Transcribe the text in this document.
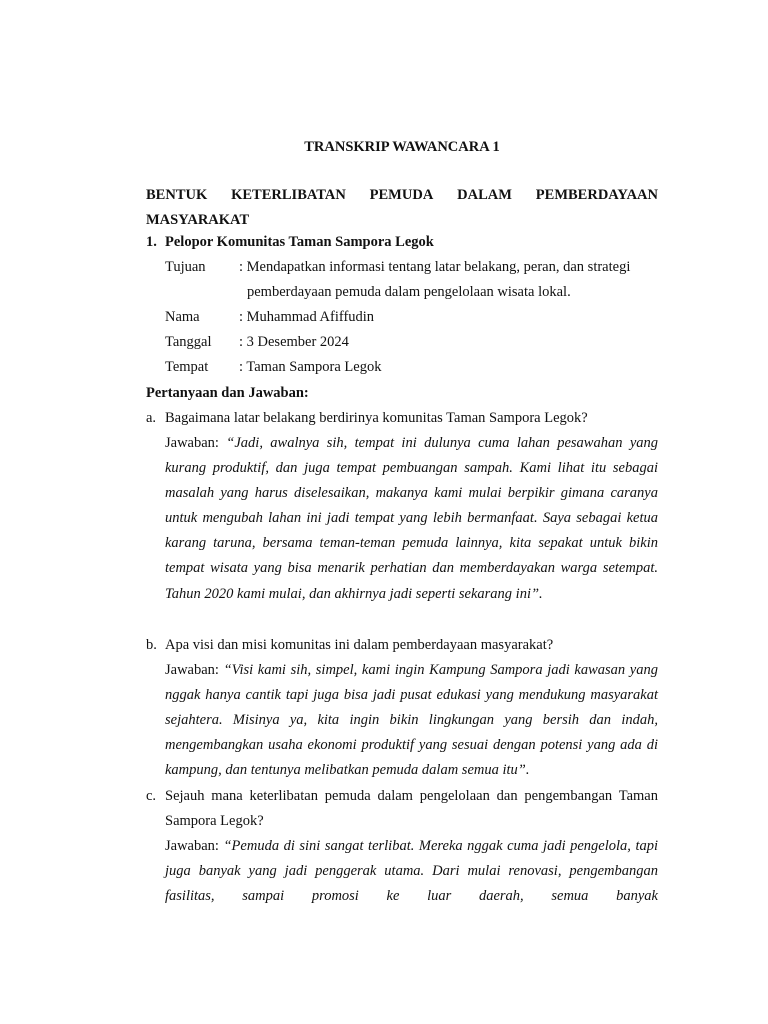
TRANSKRIP WAWANCARA 1
BENTUK KETERLIBATAN PEMUDA DALAM PEMBERDAYAAN
MASYARAKAT
1. Pelopor Komunitas Taman Sampora Legok
Tujuan : Mendapatkan informasi tentang latar belakang, peran, dan strategi
pemberdayaan pemuda dalam pengelolaan wisata lokal.
Nama	: Muhammad Afiffudin
Tanggal : 3 Desember 2024
Tempat : Taman Sampora Legok
Pertanyaan dan Jawaban:
a. Bagaimana latar belakang berdirinya komunitas Taman Sampora Legok?
Jawaban: “Jadi, awalnya sih, tempat ini dulunya cuma lahan pesawahan yang kurang produktif, dan juga tempat pembuangan sampah. Kami lihat itu sebagai masalah yang harus diselesaikan, makanya kami mulai berpikir gimana caranya untuk mengubah lahan ini jadi tempat yang lebih bermanfaat. Saya sebagai ketua karang taruna, bersama teman-teman pemuda lainnya, kita sepakat untuk bikin tempat wisata yang bisa menarik perhatian dan memberdayakan warga setempat. Tahun 2020 kami mulai, dan akhirnya jadi seperti sekarang ini”.
b. Apa visi dan misi komunitas ini dalam pemberdayaan masyarakat?
Jawaban: “Visi kami sih, simpel, kami ingin Kampung Sampora jadi kawasan yang nggak hanya cantik tapi juga bisa jadi pusat edukasi yang mendukung masyarakat sejahtera. Misinya ya, kita ingin bikin lingkungan yang bersih dan indah, mengembangkan usaha ekonomi produktif yang sesuai dengan potensi yang ada di kampung, dan tentunya melibatkan pemuda dalam semua itu”.
c. Sejauh mana keterlibatan pemuda dalam pengelolaan dan pengembangan Taman Sampora Legok?
Jawaban: “Pemuda di sini sangat terlibat. Mereka nggak cuma jadi pengelola, tapi juga banyak yang jadi penggerak utama. Dari mulai renovasi, pengembangan fasilitas, sampai promosi ke luar daerah, semua banyak
